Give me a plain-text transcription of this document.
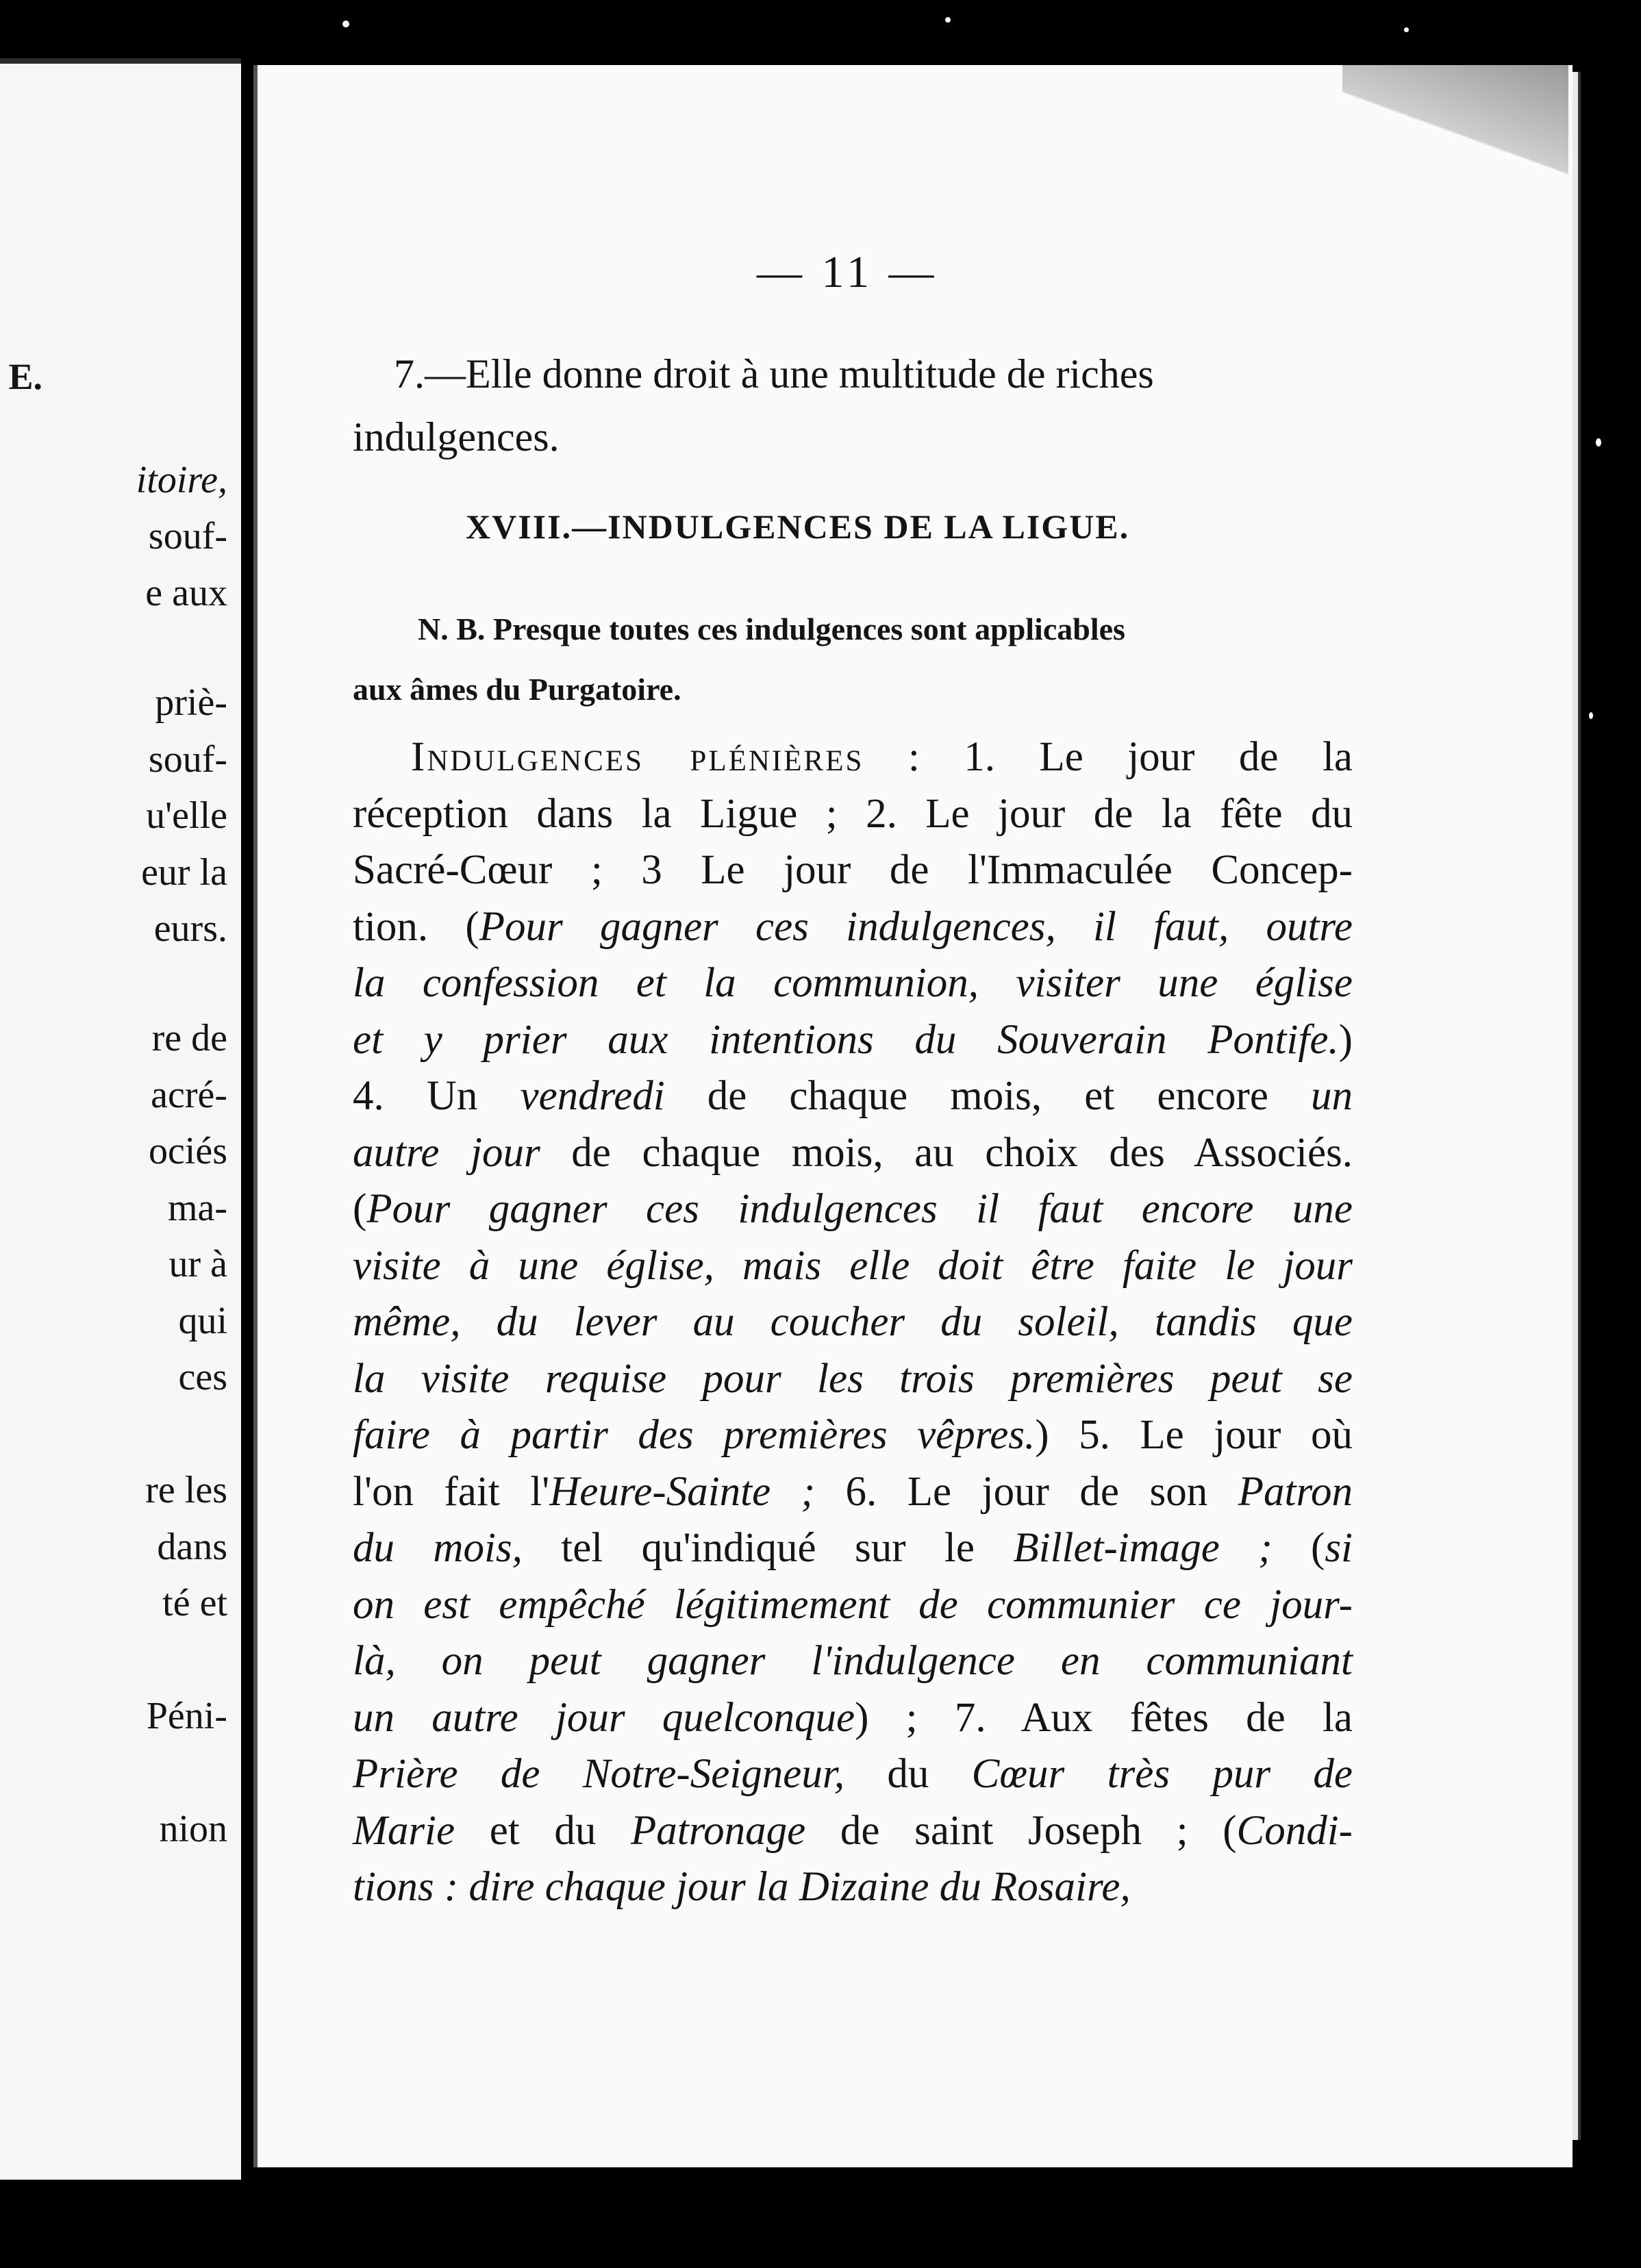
E.
itoire,
souf-
e aux
priè-
souf-
u'elle
eur la
eurs.
re de
acré-
ociés
ma-
ur à
qui
ces
re les
dans
té et
Péni-
nion
— 11 —
7.—Elle donne droit à une multitude de riches
indulgences.
XVIII.—INDULGENCES DE LA LIGUE.
N. B. Presque toutes ces indulgences sont applicables
aux âmes du Purgatoire.
Indulgences plénières : 1. Le jour de la
réception dans la Ligue ; 2. Le jour de la fête du
Sacré-Cœur ; 3 Le jour de l'Immaculée Concep-
tion. (Pour gagner ces indulgences, il faut, outre
la confession et la communion, visiter une église
et y prier aux intentions du Souverain Pontife.)
4. Un vendredi de chaque mois, et encore un
autre jour de chaque mois, au choix des Associés.
(Pour gagner ces indulgences il faut encore une
visite à une église, mais elle doit être faite le jour
même, du lever au coucher du soleil, tandis que
la visite requise pour les trois premières peut se
faire à partir des premières vêpres.) 5. Le jour où
l'on fait l'Heure-Sainte ; 6. Le jour de son Patron
du mois, tel qu'indiqué sur le Billet-image ; (si
on est empêché légitimement de communier ce jour-
là, on peut gagner l'indulgence en communiant
un autre jour quelconque) ; 7. Aux fêtes de la
Prière de Notre-Seigneur, du Cœur très pur de
Marie et du Patronage de saint Joseph ; (Condi-
tions : dire chaque jour la Dizaine du Rosaire,
